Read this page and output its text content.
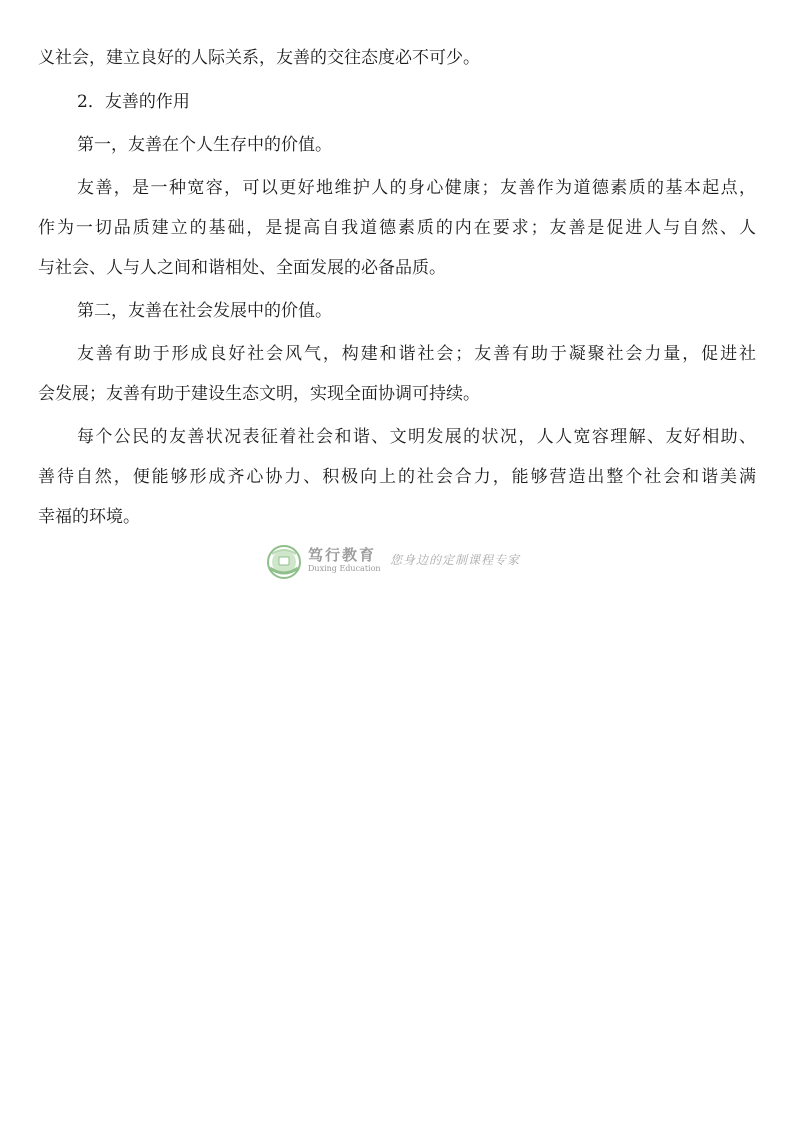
义社会，建立良好的人际关系，友善的交往态度必不可少。
2．友善的作用
第一，友善在个人生存中的价值。
友善，是一种宽容，可以更好地维护人的身心健康；友善作为道德素质的基本起点，
作为一切品质建立的基础，是提高自我道德素质的内在要求；友善是促进人与自然、人
与社会、人与人之间和谐相处、全面发展的必备品质。
第二，友善在社会发展中的价值。
友善有助于形成良好社会风气，构建和谐社会；友善有助于凝聚社会力量，促进社
会发展；友善有助于建设生态文明，实现全面协调可持续。
每个公民的友善状况表征着社会和谐、文明发展的状况，人人宽容理解、友好相助、
善待自然，便能够形成齐心协力、积极向上的社会合力，能够营造出整个社会和谐美满
幸福的环境。
笃行教育
Duxing Education
您身边的定制课程专家
